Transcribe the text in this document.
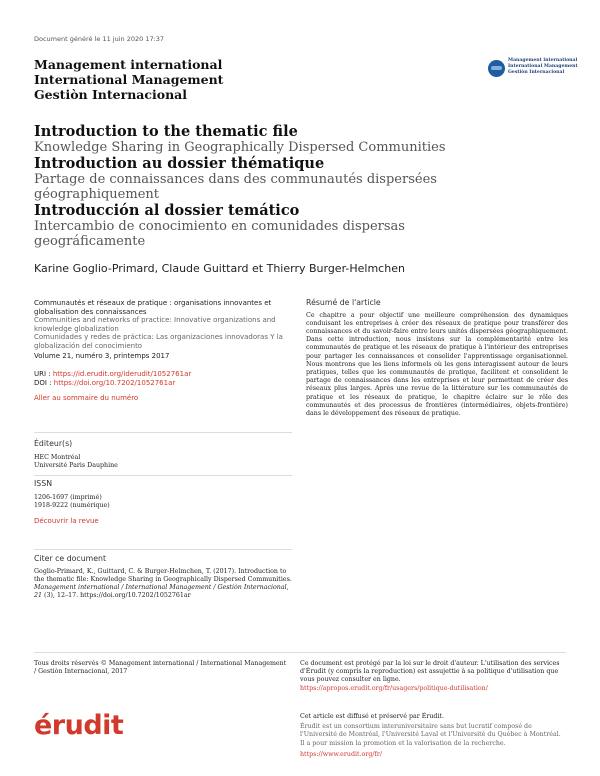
Document généré le 11 juin 2020 17:37
Management international
International Management
Gestiòn Internacional
Management international
International Management
Gestiòn Internacional
Introduction to the thematic file
Knowledge Sharing in Geographically Dispersed Communities
Introduction au dossier thématique
Partage de connaissances dans des communautés dispersées géographiquement
Introducción al dossier temático
Intercambio de conocimiento en comunidades dispersas geográficamente
Karine Goglio-Primard, Claude Guittard et Thierry Burger-Helmchen
Communautés et réseaux de pratique : organisations innovantes et globalisation des connaissances
Communities and networks of practice: Innovative organizations and knowledge globalization
Comunidades y redes de práctica: Las organizaciones innovadoras Y la globalización del conocimiento
Volume 21, numéro 3, printemps 2017
URI : https://id.erudit.org/iderudit/1052761ar
DOI : https://doi.org/10.7202/1052761ar
Aller au sommaire du numéro
Éditeur(s)
HEC Montréal
Université Paris Dauphine
ISSN
1206-1697 (imprimé)
1918-9222 (numérique)
Découvrir la revue
Citer ce document
Goglio-Primard, K., Guittard, C. & Burger-Helmchen, T. (2017). Introduction to the thematic file: Knowledge Sharing in Geographically Dispersed Communities. Management international / International Management / Gestiòn Internacional, 21 (3), 12–17. https://doi.org/10.7202/1052761ar
Résumé de l'article
Ce chapitre a pour objectif une meilleure compréhension des dynamiques conduisant les entreprises à créer des réseaux de pratique pour transférer des connaissances et du savoir-faire entre leurs unités dispersées géographiquement. Dans cette introduction, nous insistons sur la complémentarité entre les communautés de pratique et les réseaux de pratique à l'intérieur des entreprises pour partager les connaissances et consolider l'apprentissage organisationnel. Nous montrons que les liens informels où les gens interagissent autour de leurs pratiques, telles que les communautés de pratique, facilitent et consolident le partage de connaissances dans les entreprises et leur permettent de créer des réseaux plus larges. Après une revue de la littérature sur les communautés de pratique et les réseaux de pratique, le chapitre éclaire sur le rôle des communautés et des processus de frontières (intermédiaires, objets-frontière) dans le développement des réseaux de pratique.
Tous droits réservés © Management international / International Management / Gestiòn Internacional, 2017
Ce document est protégé par la loi sur le droit d'auteur. L'utilisation des services d'Érudit (y compris la reproduction) est assujettie à sa politique d'utilisation que vous pouvez consulter en ligne.
https://apropos.erudit.org/fr/usagers/politique-dutilisation/
érudit	Cet article est diffusé et préservé par Érudit.
Érudit est un consortium interuniversitaire sans but lucratif composé de l'Université de Montréal, l'Université Laval et l'Université du Québec à Montréal. Il a pour mission la promotion et la valorisation de la recherche.
https://www.erudit.org/fr/
